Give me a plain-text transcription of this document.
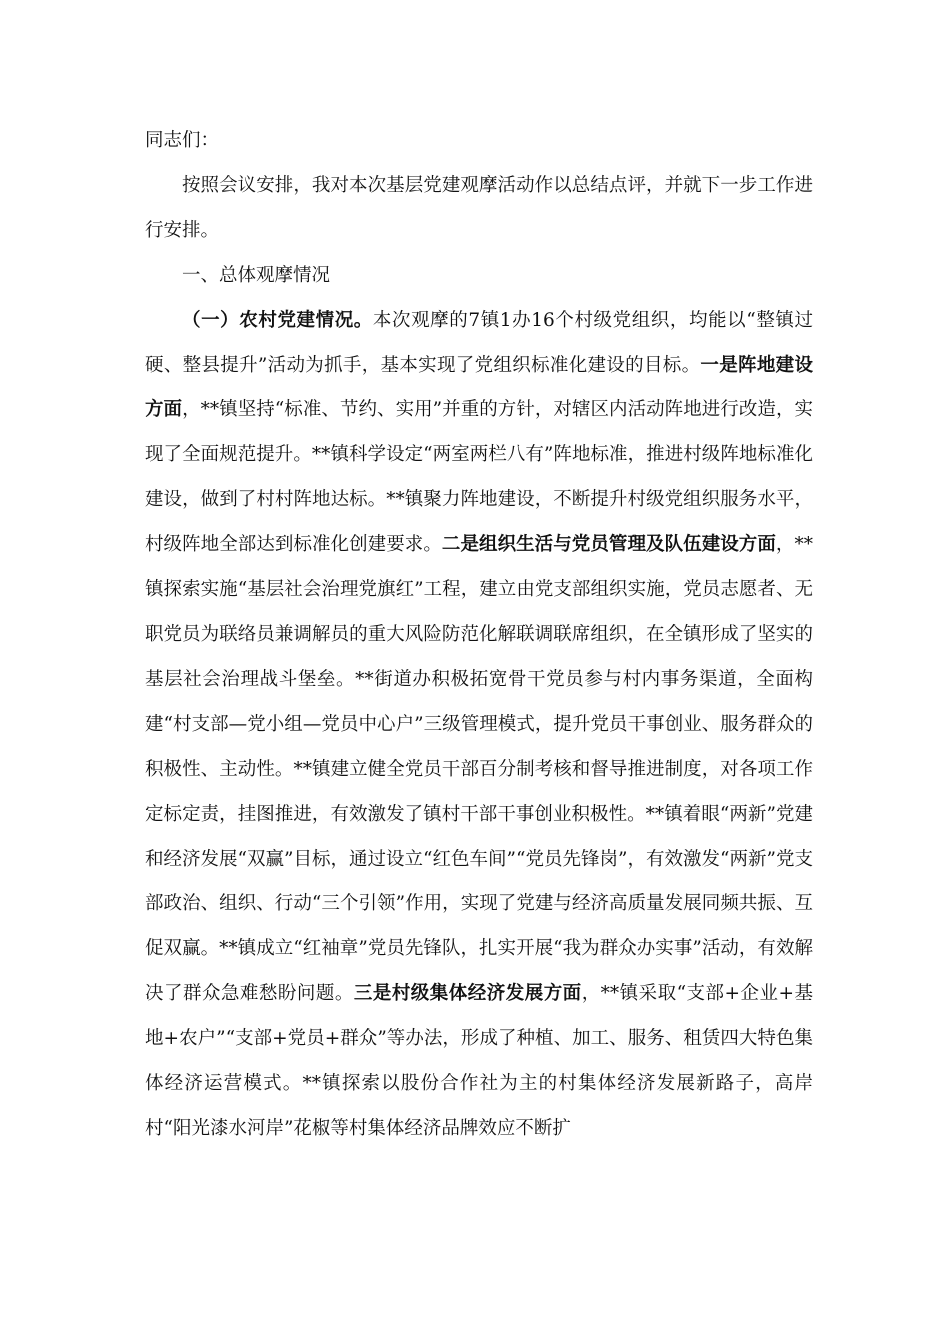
同志们：

按照会议安排，我对本次基层党建观摩活动作以总结点评，并就下一步工作进行安排。

一、总体观摩情况

（一）农村党建情况。本次观摩的7镇1办16个村级党组织，均能以“整镇过硬、整县提升”活动为抓手，基本实现了党组织标准化建设的目标。一是阵地建设方面，**镇坚持“标准、节约、实用”并重的方针，对辖区内活动阵地进行改造，实现了全面规范提升。**镇科学设定“两室两栏八有”阵地标准，推进村级阵地标准化建设，做到了村村阵地达标。**镇聚力阵地建设，不断提升村级党组织服务水平，村级阵地全部达到标准化创建要求。二是组织生活与党员管理及队伍建设方面，**镇探索实施“基层社会治理党旗红”工程，建立由党支部组织实施，党员志愿者、无职党员为联络员兼调解员的重大风险防范化解联调联席组织，在全镇形成了坚实的基层社会治理战斗堡垒。**街道办积极拓宽骨干党员参与村内事务渠道，全面构建“村支部—党小组—党员中心户”三级管理模式，提升党员干事创业、服务群众的积极性、主动性。**镇建立健全党员干部百分制考核和督导推进制度，对各项工作定标定责，挂图推进，有效激发了镇村干部干事创业积极性。**镇着眼“两新”党建和经济发展“双赢”目标，通过设立“红色车间”“党员先锋岗”，有效激发“两新”党支部政治、组织、行动“三个引领”作用，实现了党建与经济高质量发展同频共振、互促双赢。**镇成立“红袖章”党员先锋队，扎实开展“我为群众办实事”活动，有效解决了群众急难愁盼问题。三是村级集体经济发展方面，**镇采取“支部+企业+基地+农户”“支部+党员+群众”等办法，形成了种植、加工、服务、租赁四大特色集体经济运营模式。**镇探索以股份合作社为主的村集体经济发展新路子，高岸村“阳光漆水河岸”花椒等村集体经济品牌效应不断扩
